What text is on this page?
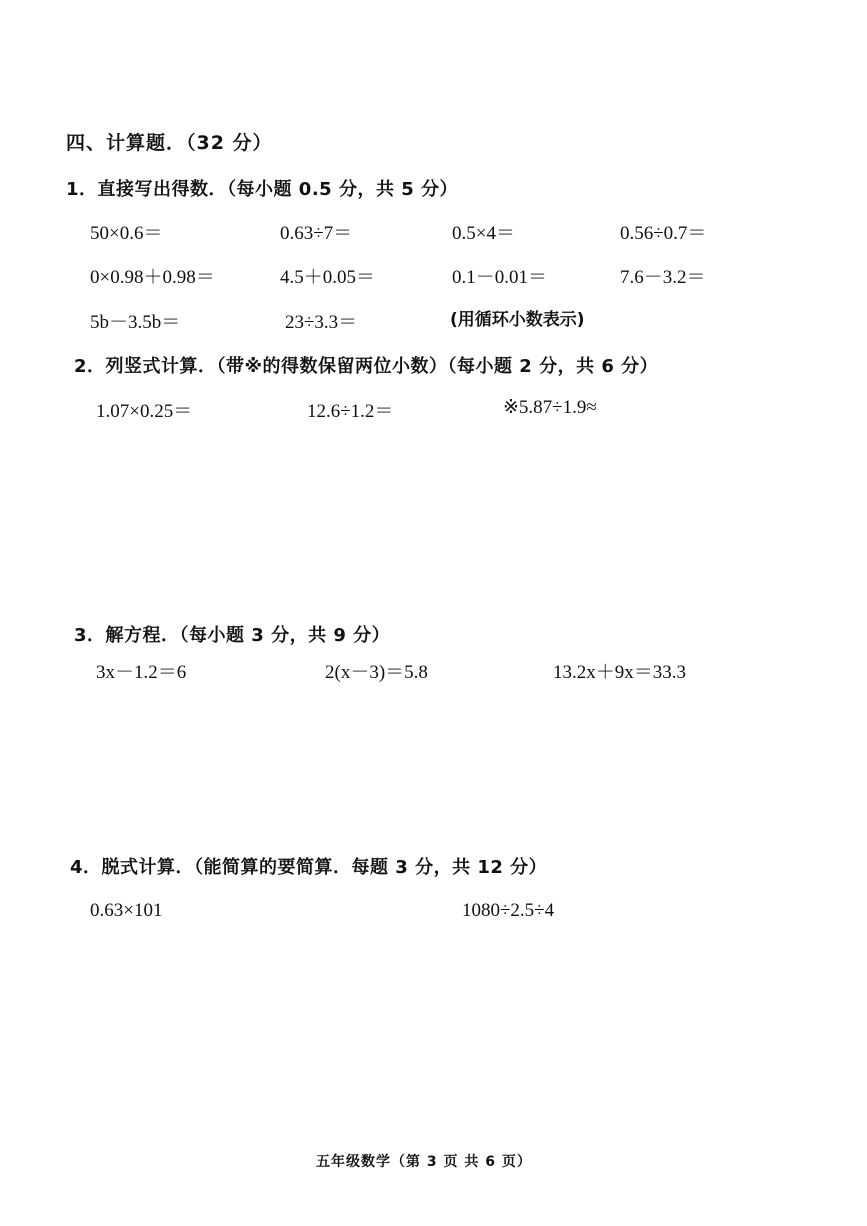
四、计算题．（32 分）
1．直接写出得数．（每小题 0.5 分，共 5 分）
50×0.6＝	0.63÷7＝	0.5×4＝	0.56÷0.7＝
0×0.98＋0.98＝	4.5＋0.05＝	0.1－0.01＝	7.6－3.2＝
5b－3.5b＝	23÷3.3＝	(用循环小数表示)
2．列竖式计算．（带※的得数保留两位小数）（每小题 2 分，共 6 分）
1.07×0.25＝	12.6÷1.2＝	※5.87÷1.9≈
3．解方程．（每小题 3 分，共 9 分）
3x－1.2＝6	2(x－3)＝5.8	13.2x＋9x＝33.3
4．脱式计算．（能简算的要简算．每题 3 分，共 12 分）
0.63×101	1080÷2.5÷4
五年级数学（第 3 页 共 6 页）
